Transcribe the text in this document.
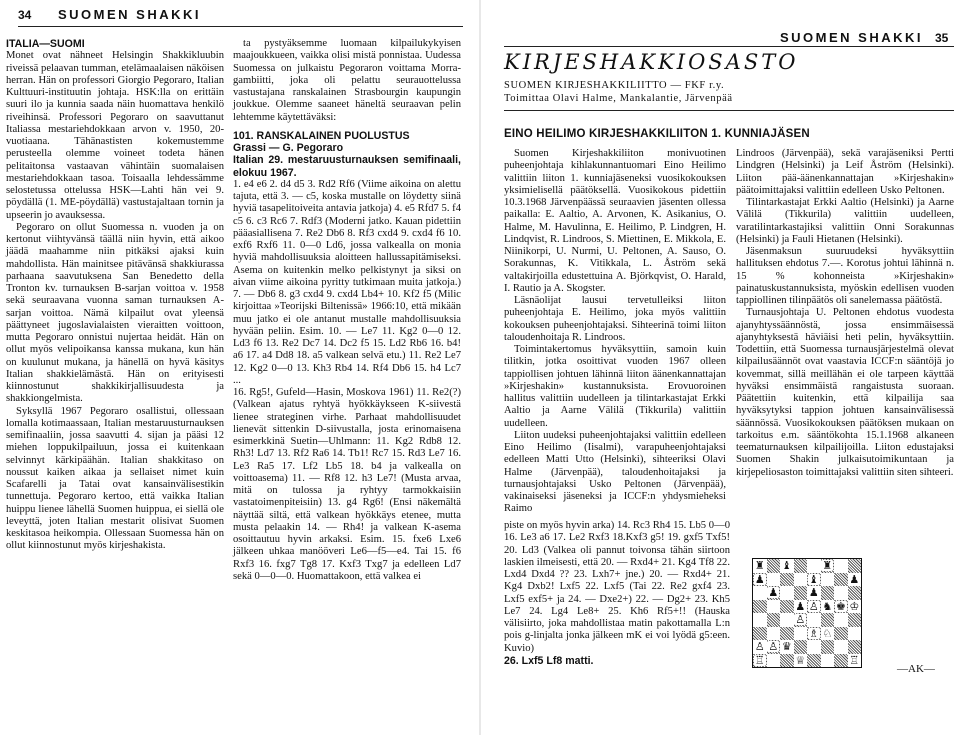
34 SUOMEN SHAKKI

ITALIA—SUOMI

Monet ovat nähneet Helsingin Shakkikluubin riveissä pelaavan tumman, etelämaalaisen näköisen herran. Hän on professori Giorgio Pegoraro, Italian Kulttuuri-instituutin johtaja. HSK:lla on erittäin suuri ilo ja kunnia saada näin huomattava henkilö riveihinsä. Professori Pegoraro on saavuttanut Italiassa mestariehdokkaan arvon v. 1950, 20-vuotiaana. Tähänastisten kokemustemme perusteella olemme voineet todeta hänen pelitaitonsa vastaavan vähintäin suomalaisen mestariehdokkaan tasoa. Toisaalla lehdessämme selostetussa ottelussa HSK—Lahti hän vei 9. pöydällä (1. ME-pöydällä) vastustajaltaan tornin ja upseerin jo avauksessa.

Pegoraro on ollut Suomessa n. vuoden ja on kertonut viihtyvänsä täällä niin hyvin, että aikoo jäädä maahamme niin pitkäksi ajaksi kuin mahdollista. Hän mainitsee pitävänsä shakkiurassa parhaana saavutuksena San Benedetto della Tronton kv. turnauksen B-sarjan voittoa v. 1958 sekä seuraavana vuonna saman turnauksen A-sarjan voittoa. Nämä kilpailut ovat yleensä päättyneet jugoslavialaisten vieraitten voittoon, mutta Pegoraro onnistui nujertaa heidät. Hän on ollut myös velipoikansa kanssa mukana, kun hän on kuulunut mukana, ja hänellä on hyvä käsitys Italian shakkielämästä. Hän on erityisesti kiinnostunut shakkikirjallisuudesta ja shakkiongelmista.

Syksyllä 1967 Pegoraro osallistui, ollessaan lomalla kotimaassaan, Italian mestaruusturnauksen semifinaaliin, jossa saavutti 4. sijan ja pääsi 12 miehen loppukilpailuun, jossa ei kuitenkaan selvinnyt kärkipäähän. Italian shakkitaso on noussut kaiken aikaa ja sellaiset nimet kuin Scafarelli ja Tatai ovat kansainvälisestikin tunnettuja. Pegoraro kertoo, että vaikka Italian huippu lienee lähellä Suomen huippua, ei siellä ole leveyttä, joten Italian mestarit olisivat Suomen keskitasoa heikompia. Ollessaan Suomessa hän on ollut kiinnostunut myös kirjeshakista.

ta pystyäksemme luomaan kilpailukykyisen maajoukkueen, vaikka olisi mistä ponnistaa. Uudessa Suomessa on julkaistu Pegoraron voittama Morra-gambiitti, joka oli pelattu seurauottelussa vastustajana ranskalainen Strasbourgin kaupungin joukkue. Olemme saaneet häneltä seuraavan pelin lehtemme käytettäväksi:

101. RANSKALAINEN PUOLUSTUS

Grassi — G. Pegoraro

Italian 29. mestaruusturnauksen semifinaali, elokuu 1967.

1. e4 e6 2. d4 d5 3. Rd2 Rf6 (Viime aikoina on alettu tajuta, että 3. — c5, koska mustalle on löydetty siinä hyviä tasapelitoiveita antavia jatkoja) 4. e5 Rfd7 5. f4 c5 6. c3 Rc6 7. Rdf3 (Moderni jatko. Kauan pidettiin pääasiallisena 7. Re2 Db6 8. Rf3 cxd4 9. cxd4 f6 10. exf6 Rxf6 11. 0—0 Ld6, jossa valkealla on monia hyviä mahdollisuuksia aloitteen hallussapitämiseksi. Asema on kuitenkin melko pelkistynyt ja siksi on aivan viime aikoina pyritty tutkimaan muita jatkoja.) 7. — Db6 8. g3 cxd4 9. cxd4 Lb4+ 10. Kf2 f5 (Milic kirjoittaa »Teorijski Biltenissä» 1966:10, että mikään muu jatko ei ole antanut mustalle mahdollisuuksia hyvään peliin. Esim. 10. — Le7 11. Kg2 0—0 12. Ld3 f6 13. Re2 Dc7 14. Dc2 f5 15. Ld2 Rb6 16. b4! a6 17. a4 Dd8 18. a5 valkean selvä etu.) 11. Re2 Le7 12. Kg2 0—0 13. Kh3 Rb4 14. Rf4 Db6 15. h4 Lc7 ...

16. Rg5!, Gufeld—Hasin, Moskova 1961) 11. Re2(?) (Valkean ajatus ryhtyä hyökkäykseen K-siivestä lienee strateginen virhe. Parhaat mahdollisuudet lienevät sittenkin D-siivustalla, josta erinomaisena esimerkkinä Suetin—Uhlmann: 11. Kg2 Rdb8 12. Rh3! Ld7 13. Rf2 Ra6 14. Tb1! Rc7 15. Rd3 Le7 16. Le3 Ra5 17. Lf2 Lb5 18. b4 ja valkealla on voittoasema) 11. — Rf8 12. h3 Le7! (Musta arvaa, mitä on tulossa ja ryhtyy tarmokkaisiin vastatoimenpiteisiin) 13. g4 Rg6! (Ensi näkemältä näyttää siltä, että valkean hyökkäys etenee, mutta musta pelaakin 14. — Rh4! ja valkean K-asema osoittautuu hyvin arkaksi. Esim. 15. fxe6 Lxe6 jälkeen uhkaa manööveri Le6—f5—e4. Tai 15. f6 Rxf3 16. fxg7 Tg8 17. Kxf3 Txg7 ja edelleen Ld7 sekä 0—0—0. Huomattakoon, että valkea ei

SUOMEN SHAKKI 35
KIRJESHAKKIOSASTO
SUOMEN KIRJESHAKKILIITTO — FKF r.y.
Toimittaa Olavi Halme, Mankalantie, Järvenpää
EINO HEILIMO KIRJESHAKKILIITON 1. KUNNIAJÄSEN

Suomen Kirjeshakkiliiton monivuotinen puheenjohtaja kihlakunnantuomari Eino Heilimo valittiin liiton 1. kunniajäseneksi vuosikokouksen yksimielisellä päätöksellä. Vuosikokous pidettiin 10.3.1968 Järvenpäässä seuraavien jäsenten ollessa paikalla: E. Aaltio, A. Arvonen, K. Asikanius, O. Halme, M. Havulinna, E. Heilimo, P. Lindgren, H. Lindqvist, R. Lindroos, S. Miettinen, E. Mikkola, E. Niinikorpi, U. Nurmi, U. Peltonen, A. Sauso, O. Sorakunnas, K. Vitikkala, L. Åström sekä valtakirjoilla edustettuina A. Björkqvist, O. Harald, I. Rautio ja A. Skogster.

Läsnäolijat lausui tervetulleiksi liiton puheenjohtaja E. Heilimo, joka myös valittiin kokouksen puheenjohtajaksi. Sihteerinä toimi liiton taloudenhoitaja R. Lindroos.

Toimintakertomus hyväksyttiin, samoin kuin tilitkin, jotka osoittivat vuoden 1967 olleen tappiollisen johtuen lähinnä liiton äänenkannattajan »Kirjeshakin» kustannuksista. Erovuoroinen hallitus valittiin uudelleen ja tilintarkastajat Erkki Aaltio ja Aarne Välilä (Tikkurila) valittiin uudelleen.

Liiton uudeksi puheenjohtajaksi valittiin edelleen Eino Heilimo (Iisalmi), varapuheenjohtajaksi edelleen Matti Utto (Helsinki), sihteeriksi Olavi Halme (Järvenpää), taloudenhoitajaksi ja turnausjohtajaksi Usko Peltonen (Järvenpää), vakinaiseksi jäseneksi ja ICCF:n yhdysmieheksi Raimo

Lindroos (Järvenpää), sekä varajäseniksi Pertti Lindgren (Helsinki) ja Leif Åström (Helsinki). Liiton pää-äänenkannattajan »Kirjeshakin» päätoimittajaksi valittiin edelleen Usko Peltonen.

Tilintarkastajat Erkki Aaltio (Helsinki) ja Aarne Välilä (Tikkurila) valittiin uudelleen, varatilintarkastajiksi valittiin Onni Sorakunnas (Helsinki) ja Fauli Hietanen (Helsinki).

Jäsenmaksun suuruudeksi hyväksyttiin hallituksen ehdotus 7.—. Korotus johtui lähinnä n. 15 % kohonneista »Kirjeshakin» painatuskustannuksista, myöskin edellisen vuoden tappiollinen tilinpäätös oli sanelemassa päätöstä.

Turnausjohtaja U. Peltonen ehdotus vuodesta ajanyhtyssäännöstä, jossa ensimmäisessä ajanyhtyksestä häviäisi heti pelin, hyväksyttiin. Todettiin, että Suomessa turnausjärjestelmä olevat kilpailusäännöt ovat vaastavia ICCF:n sääntöjä jo kovemmat, sillä meillähän ei ole tarpeen käyttää hyväksi ensimmäistä rangaistusta suoraan. Päätettiin kuitenkin, että kilpailija saa hyväksytyksi tappion johtuen kansainvälisessä säännössä. Vuosikokouksen päätöksen mukaan on tarkoitus e.m. sääntökohta 15.1.1968 alkaneen teematurnauksen kilpailijoilla. Liiton edustajaksi Suomen Shakin julkaisutoimikuntaan ja kirjepeliosaston toimittajaksi valittiin siten sihteeri.

piste on myös hyvin arka) 14. Rc3 Rh4 15. Lb5 0—0 16. Le3 a6 17. Le2 Rxf3 18.Kxf3 g5! 19. gxf5 Txf5! 20. Ld3 (Valkea oli pannut toivonsa tähän siirtoon laskien ilmeisesti, että 20. — Rxd4+ 21. Kg4 Tf8 22. Lxd4 Dxd4 ?? 23. Lxh7+ jne.) 20. — Rxd4+ 21. Kg4 Dxb2! Lxf5 22. Lxf5 (Tai 22. Re2 gxf4 23. Lxf5 exf5+ ja 24. — Dxe2+) 22. — Dg2+ 23. Kh5 Le7 24. Lg4 Le8+ 25. Kh6 Rf5+!! (Hauska välisiirto, joka mahdollistaa matin pakottamalla L:n pois g-linjalta jonka jälkeen mK ei voi lyödä g5:een. Kuvio)

26. Lxf5 Lf8 matti.

♜ ♝	♜
♟	♝	♟
♟	♟
♟ ♙ ♞ ♚ ♔
♙
♗ ♘
♙ ♙ ♛
♖	♕	♖
—AK—
